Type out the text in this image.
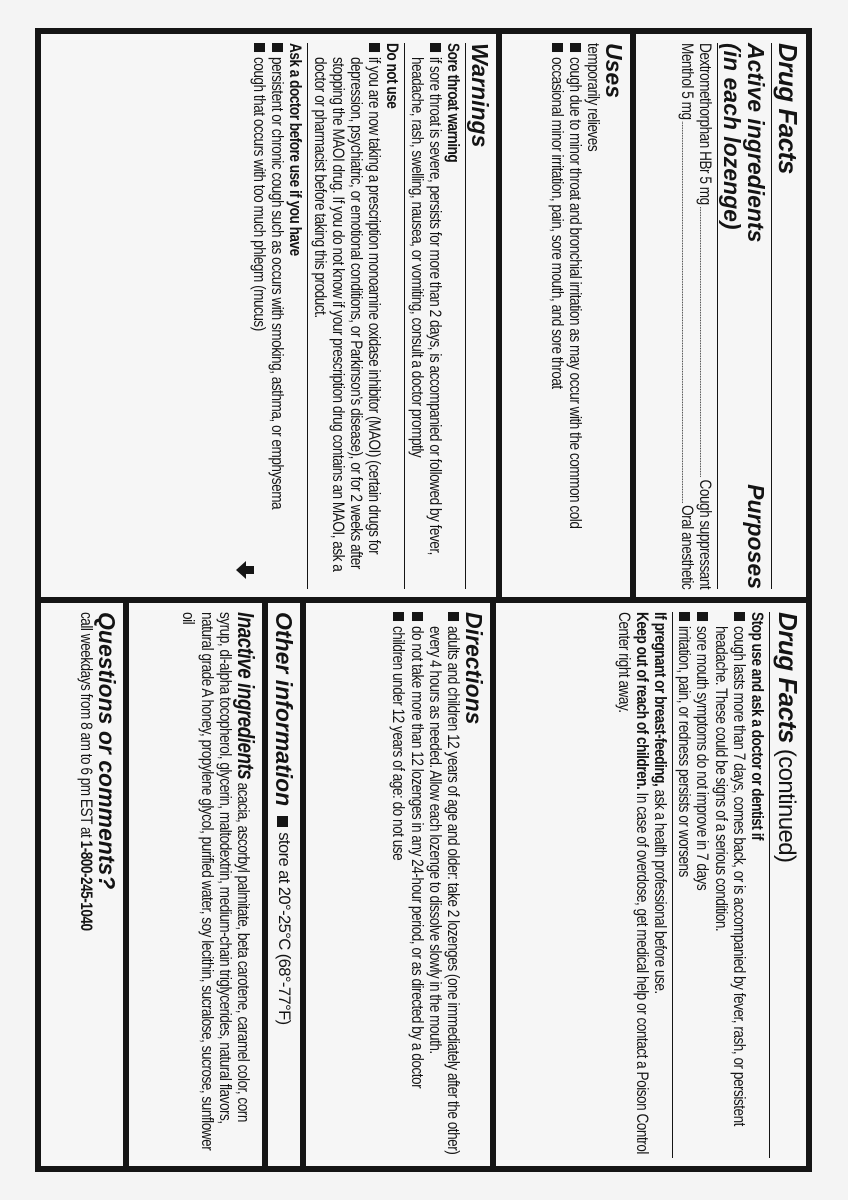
Drug Facts
Active ingredients
Purposes
(in each lozenge)
Dextromethorphan HBr 5 mg
Cough suppressant
Menthol 5 mg
Oral anesthetic
Uses
temporarily relieves
cough due to minor throat and bronchial irritation as may occur with the common cold
occasional minor irritation, pain, sore mouth, and sore throat
Warnings
Sore throat warning
if sore throat is severe, persists for more than 2 days, is accompanied or followed by fever, headache, rash, swelling, nausea, or vomiting, consult a doctor promptly
Do not use
if you are now taking a prescription monoamine oxidase inhibitor (MAOI) (certain drugs for depression, psychiatric, or emotional conditions, or Parkinson’s disease), or for 2 weeks after stopping the MAOI drug. If you do not know if your prescription drug contains an MAOI, ask a doctor or pharmacist before taking this product.
Ask a doctor before use if you have
persistent or chronic cough such as occurs with smoking, asthma, or emphysema
cough that occurs with too much phlegm (mucus)
Drug Facts (continued)
Stop use and ask a doctor or dentist if
cough lasts more than 7 days, comes back, or is accompanied by fever, rash, or persistent headache. These could be signs of a serious condition.
sore mouth symptoms do not improve in 7 days
irritation, pain, or redness persists or worsens
If pregnant or breast-feeding, ask a health professional before use.
Keep out of reach of children. In case of overdose, get medical help or contact a Poison Control Center right away.
Directions
adults and children 12 years of age and older: take 2 lozenges (one immediately after the other) every 4 hours as needed. Allow each lozenge to dissolve slowly in the mouth.
do not take more than 12 lozenges in any 24-hour period, or as directed by a doctor
children under 12 years of age: do not use
Other information
store at 20°-25°C (68°-77°F)
Inactive ingredients acacia, ascorbyl palmitate, beta carotene, caramel color, corn syrup, dl-alpha tocopherol, glycerin, maltodextrin, medium-chain triglycerides, natural flavors, natural grade A honey, propylene glycol, purified water, soy lecithin, sucralose, sucrose, sunflower oil
Questions or comments?
call weekdays from 8 am to 6 pm EST at 1-800-245-1040
